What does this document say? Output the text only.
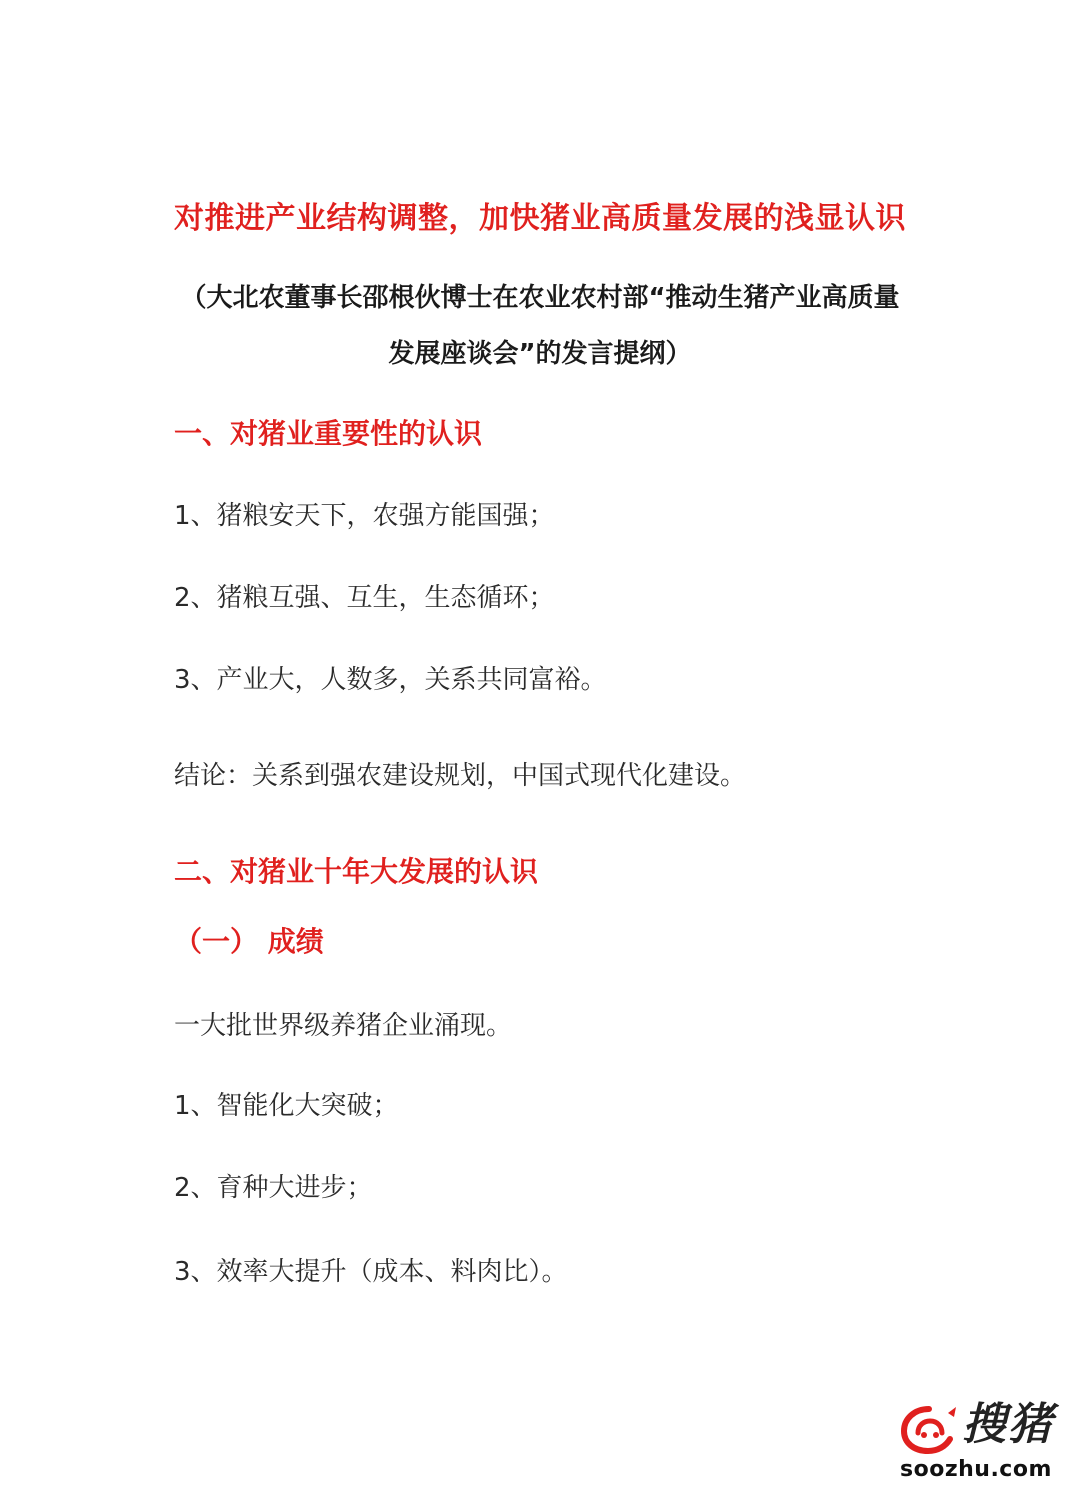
对推进产业结构调整，加快猪业高质量发展的浅显认识
（大北农董事长邵根伙博士在农业农村部“推动生猪产业高质量发展座谈会”的发言提纲）
一、对猪业重要性的认识
1、猪粮安天下，农强方能国强；
2、猪粮互强、互生，生态循环；
3、产业大，人数多，关系共同富裕。
结论：关系到强农建设规划，中国式现代化建设。
二、对猪业十年大发展的认识
（一） 成绩
一大批世界级养猪企业涌现。
1、智能化大突破；
2、育种大进步；
3、效率大提升（成本、料肉比）。
搜猪
soozhu.com
